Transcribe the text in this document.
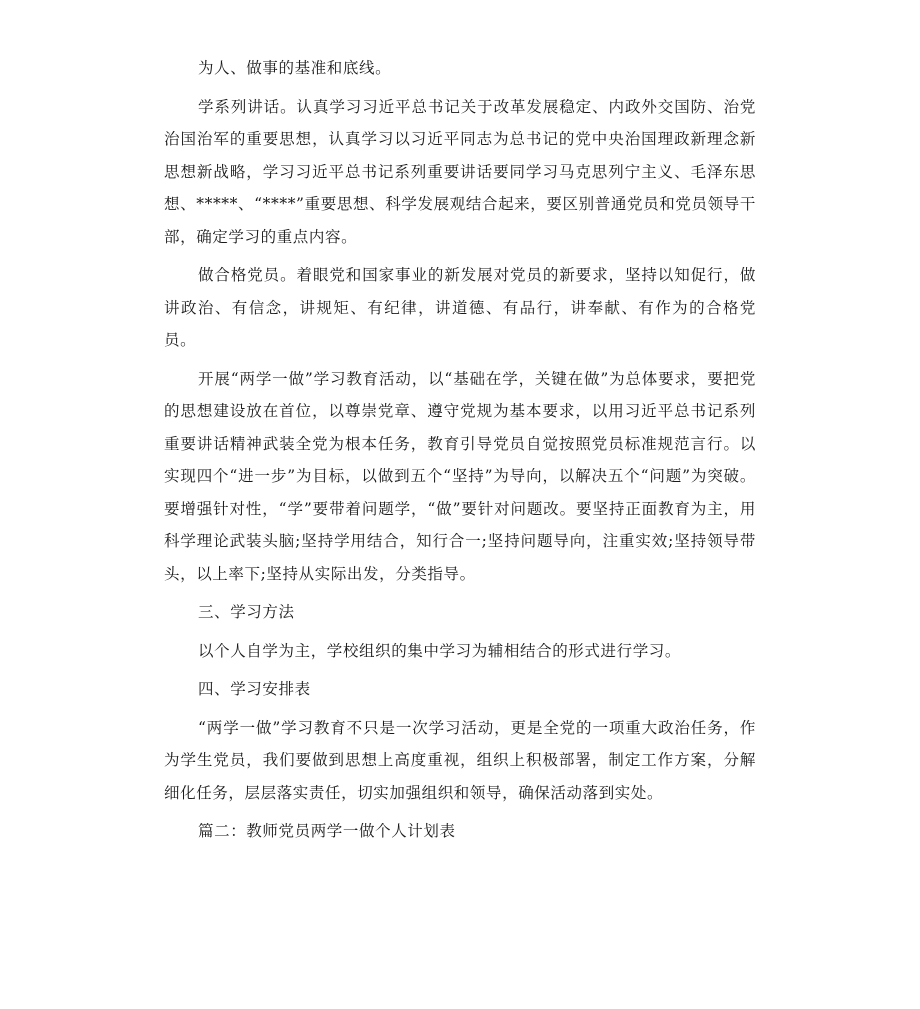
为人、做事的基准和底线。

学系列讲话。认真学习习近平总书记关于改革发展稳定、内政外交国防、治党治国治军的重要思想，认真学习以习近平同志为总书记的党中央治国理政新理念新思想新战略，学习习近平总书记系列重要讲话要同学习马克思列宁主义、毛泽东思想、*****、“****”重要思想、科学发展观结合起来，要区别普通党员和党员领导干部，确定学习的重点内容。

做合格党员。着眼党和国家事业的新发展对党员的新要求，坚持以知促行，做讲政治、有信念，讲规矩、有纪律，讲道德、有品行，讲奉献、有作为的合格党员。

开展“两学一做”学习教育活动，以“基础在学，关键在做”为总体要求，要把党的思想建设放在首位，以尊崇党章、遵守党规为基本要求，以用习近平总书记系列重要讲话精神武装全党为根本任务，教育引导党员自觉按照党员标准规范言行。以实现四个“进一步”为目标，以做到五个“坚持”为导向，以解决五个“问题”为突破。要增强针对性，“学”要带着问题学，“做”要针对问题改。要坚持正面教育为主，用科学理论武装头脑;坚持学用结合，知行合一;坚持问题导向，注重实效;坚持领导带头，以上率下;坚持从实际出发，分类指导。

三、学习方法

以个人自学为主，学校组织的集中学习为辅相结合的形式进行学习。

四、学习安排表

“两学一做”学习教育不只是一次学习活动，更是全党的一项重大政治任务，作为学生党员，我们要做到思想上高度重视，组织上积极部署，制定工作方案，分解细化任务，层层落实责任，切实加强组织和领导，确保活动落到实处。

篇二：教师党员两学一做个人计划表
